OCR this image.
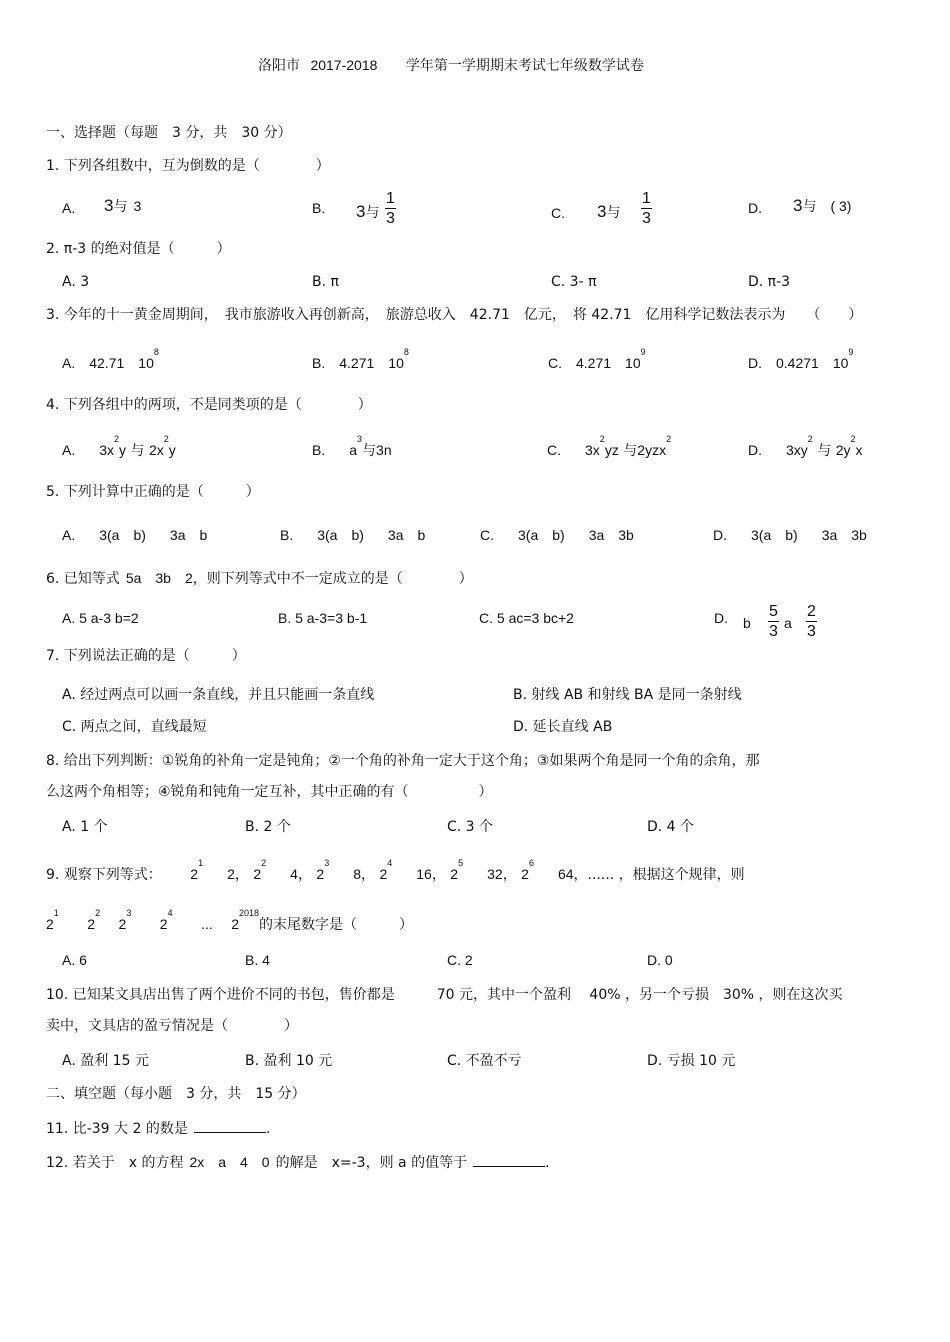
洛阳市 2017-2018 学年第一学期期末考试七年级数学试卷
一、选择题（每题　3 分，共　30 分）
1. 下列各组数中，互为倒数的是（　　　　）
A. 3与 3	B. 3与
1
3	C. 3与
1
3
D. 3与 ( 3)
2. π-3 的绝对值是（　　　）
A. 3	B. π	C. 3- π	D. π-3
3. 今年的十一黄金周期间，　我市旅游收入再创新高，　旅游总收入　42.71　亿元，　将 42.71　亿用科学记数法表示为　　（　　）
A. 42.71 $10^8$
B. 4.271 $10^8$
C. 4.271 $10^9$
D. 0.4271 $10^9$
4. 下列各组中的两项，不是同类项的是（　　　　）
A. $3x^2y$ 与 $2x^2y$	B. $a^3$与3n	C. $3x^2yz$ 与2yzx$^2$
D. $3xy^2$ 与 $2y^2x$
5. 下列计算中正确的是（　　　）
A. 3(a　b) 3a　b	B. 3(a　b) 3a　b	C. 3(a　b) 3a　3b	D. 3(a　b) 3a　3b
6. 已知等式 5a　3b　2，则下列等式中不一定成立的是（　　　　）
A. 5 a-3 b=2	B. 5 a-3=3 b-1	C. 5 ac=3 bc+2	D. b
5
3 a
2
3
7. 下列说法正确的是（　　　）
A. 经过两点可以画一条直线，并且只能画一条直线	B. 射线 AB 和射线 BA 是同一条射线
C. 两点之间，直线最短	D. 延长直线 AB
8. 给出下列判断：①锐角的补角一定是钝角；②一个角的补角一定大于这个角；③如果两个角是同一个角的余角，那
么这两个角相等；④锐角和钝角一定互补，其中正确的有（　　　　　）
A. 1 个	B. 2 个	C. 3 个	D. 4 个
9. 观察下列等式： $2^12$， $2^24$， $2^38$， $2^416$， $2^532$， $2^664$，...... ，根据这个规律，则
$2^1$ $2^2$ $2^3$ $2^4$ ... $2^{2018}$的末尾数字是（　　　）
A. 6	B. 4	C. 2	D. 0
10. 已知某文具店出售了两个进价不同的书包，售价都是　　　70 元，其中一个盈利　 40% ，另一个亏损　30% ，则在这次买
卖中，文具店的盈亏情况是（　　　　）
A. 盈利 15 元	B. 盈利 10 元	C. 不盈不亏	D. 亏损 10 元
二、填空题（每小题　3 分，共　15 分）
11. 比-39 大 2 的数是	.
12. 若关于　x 的方程 2x　a　4　0 的解是　x=-3，则 a 的值等于	.
